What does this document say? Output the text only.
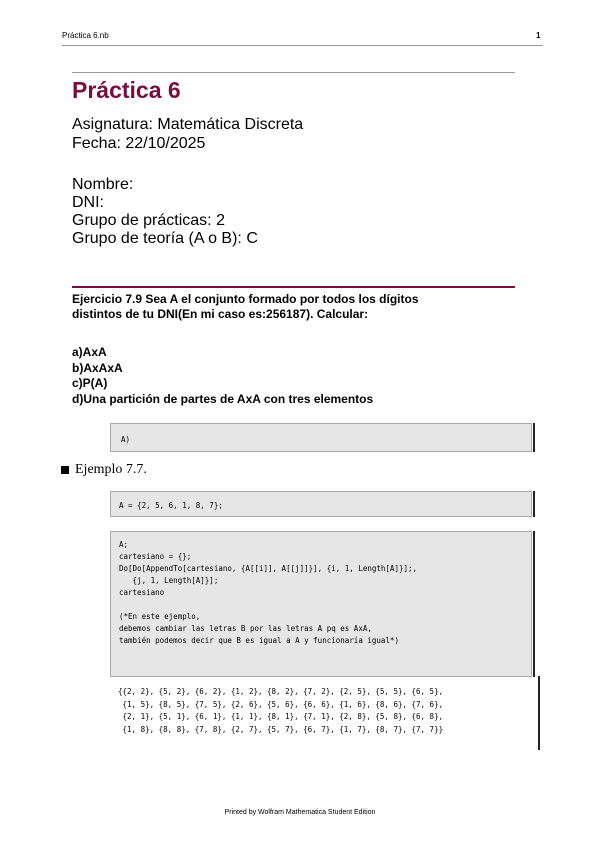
Práctica 6.nb	1
Práctica 6
Asignatura: Matemática Discreta
Fecha: 22/10/2025
Nombre:
DNI:
Grupo de prácticas: 2
Grupo de teoría (A o B): C
Ejercicio 7.9 Sea A el conjunto formado por todos los dígitos
distintos de tu DNI(En mi caso es:256187). Calcular:
a)AxA
b)AxAxA
c)P(A)
d)Una partición de partes de AxA con tres elementos
A)
Ejemplo 7.7.
A = {2, 5, 6, 1, 8, 7};
A;
cartesiano = {};
Do[Do[AppendTo[cartesiano, {A[[i]], A[[j]]}], {i, 1, Length[A]}];,
{j, 1, Length[A]}];
cartesiano
(*En este ejemplo,
debemos cambiar las letras B por las letras A pq es AxA,
también podemos decir que B es igual a A y funcionaría igual*)
{{2, 2}, {5, 2}, {6, 2}, {1, 2}, {8, 2}, {7, 2}, {2, 5}, {5, 5}, {6, 5},
{1, 5}, {8, 5}, {7, 5}, {2, 6}, {5, 6}, {6, 6}, {1, 6}, {8, 6}, {7, 6},
{2, 1}, {5, 1}, {6, 1}, {1, 1}, {8, 1}, {7, 1}, {2, 8}, {5, 8}, {6, 8},
{1, 8}, {8, 8}, {7, 8}, {2, 7}, {5, 7}, {6, 7}, {1, 7}, {8, 7}, {7, 7}}
Printed by Wolfram Mathematica Student Edition
